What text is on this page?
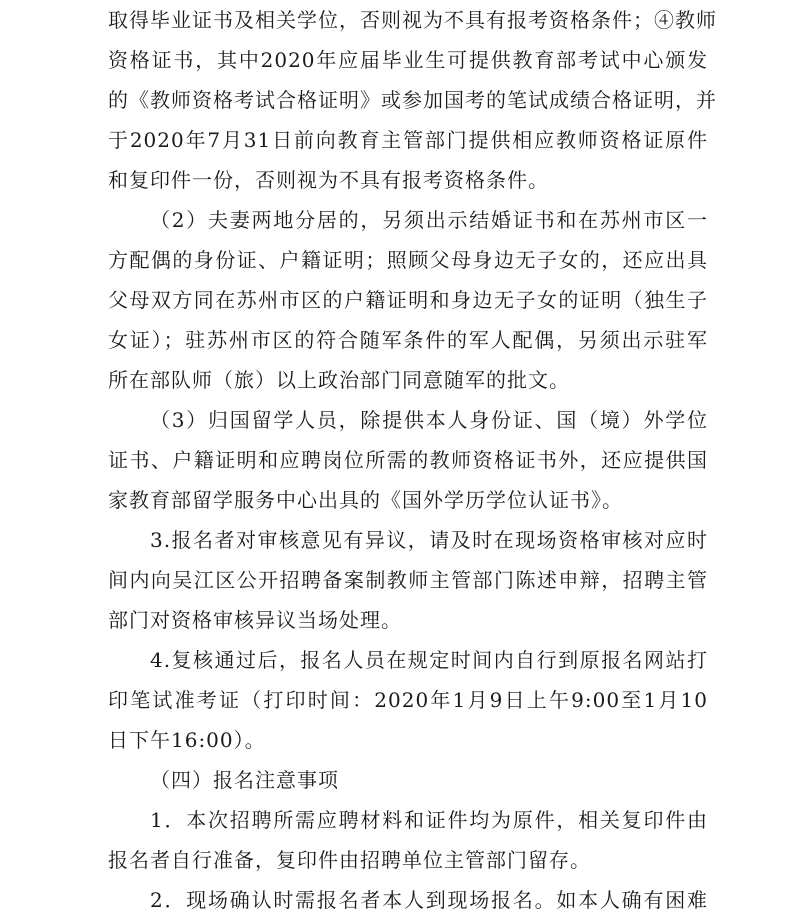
取得毕业证书及相关学位，否则视为不具有报考资格条件；④教师
资格证书，其中2020年应届毕业生可提供教育部考试中心颁发
的《教师资格考试合格证明》或参加国考的笔试成绩合格证明，并
于2020年7月31日前向教育主管部门提供相应教师资格证原件
和复印件一份，否则视为不具有报考资格条件。
（2）夫妻两地分居的，另须出示结婚证书和在苏州市区一
方配偶的身份证、户籍证明；照顾父母身边无子女的，还应出具
父母双方同在苏州市区的户籍证明和身边无子女的证明（独生子
女证）；驻苏州市区的符合随军条件的军人配偶，另须出示驻军
所在部队师（旅）以上政治部门同意随军的批文。
（3）归国留学人员，除提供本人身份证、国（境）外学位
证书、户籍证明和应聘岗位所需的教师资格证书外，还应提供国
家教育部留学服务中心出具的《国外学历学位认证书》。
3.报名者对审核意见有异议，请及时在现场资格审核对应时
间内向吴江区公开招聘备案制教师主管部门陈述申辩，招聘主管
部门对资格审核异议当场处理。
4.复核通过后，报名人员在规定时间内自行到原报名网站打
印笔试准考证（打印时间：2020年1月9日上午9:00至1月10
日下午16:00）。
（四）报名注意事项
1．本次招聘所需应聘材料和证件均为原件，相关复印件由
报名者自行准备，复印件由招聘单位主管部门留存。
2．现场确认时需报名者本人到现场报名。如本人确有困难
